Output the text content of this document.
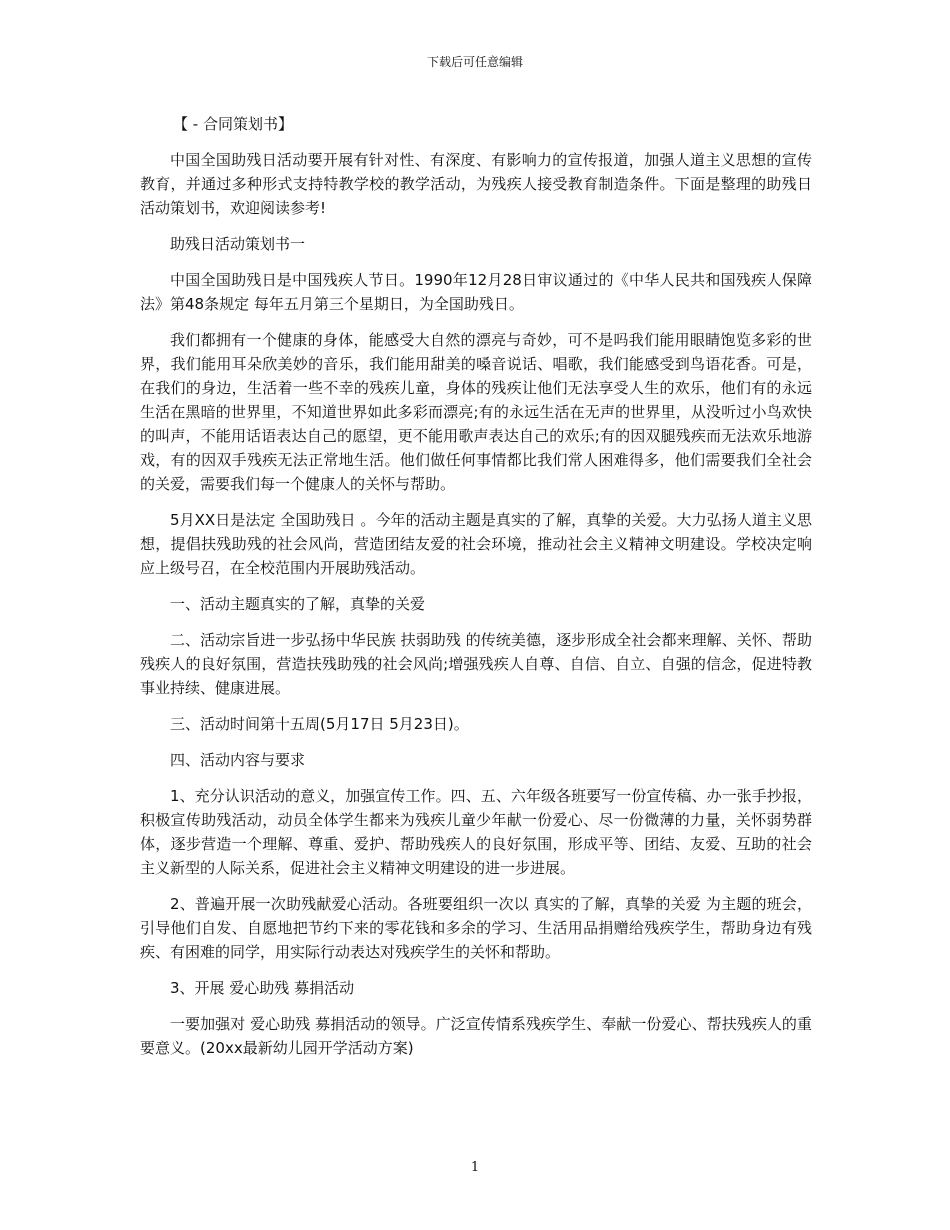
下载后可任意编辑

【 - 合同策划书】

中国全国助残日活动要开展有针对性、有深度、有影响力的宣传报道，加强人道主义思想的宣传教育，并通过多种形式支持特教学校的教学活动，为残疾人接受教育制造条件。下面是整理的助残日活动策划书，欢迎阅读参考!

助残日活动策划书一

中国全国助残日是中国残疾人节日。1990年12月28日审议通过的《中华人民共和国残疾人保障法》第48条规定 每年五月第三个星期日，为全国助残日。

我们都拥有一个健康的身体，能感受大自然的漂亮与奇妙，可不是吗我们能用眼睛饱览多彩的世界，我们能用耳朵欣美妙的音乐，我们能用甜美的嗓音说话、唱歌，我们能感受到鸟语花香。可是，在我们的身边，生活着一些不幸的残疾儿童，身体的残疾让他们无法享受人生的欢乐，他们有的永远生活在黑暗的世界里，不知道世界如此多彩而漂亮;有的永远生活在无声的世界里，从没听过小鸟欢快的叫声，不能用话语表达自己的愿望，更不能用歌声表达自己的欢乐;有的因双腿残疾而无法欢乐地游戏，有的因双手残疾无法正常地生活。他们做任何事情都比我们常人困难得多，他们需要我们全社会的关爱，需要我们每一个健康人的关怀与帮助。

5月XX日是法定 全国助残日 。今年的活动主题是真实的了解，真挚的关爱。大力弘扬人道主义思想，提倡扶残助残的社会风尚，营造团结友爱的社会环境，推动社会主义精神文明建设。学校决定响应上级号召，在全校范围内开展助残活动。

一、活动主题真实的了解，真挚的关爱

二、活动宗旨进一步弘扬中华民族 扶弱助残 的传统美德，逐步形成全社会都来理解、关怀、帮助残疾人的良好氛围，营造扶残助残的社会风尚;增强残疾人自尊、自信、自立、自强的信念，促进特教事业持续、健康进展。

三、活动时间第十五周(5月17日 5月23日)。

四、活动内容与要求

1、充分认识活动的意义，加强宣传工作。四、五、六年级各班要写一份宣传稿、办一张手抄报，积极宣传助残活动，动员全体学生都来为残疾儿童少年献一份爱心、尽一份微薄的力量，关怀弱势群体，逐步营造一个理解、尊重、爱护、帮助残疾人的良好氛围，形成平等、团结、友爱、互助的社会主义新型的人际关系，促进社会主义精神文明建设的进一步进展。

2、普遍开展一次助残献爱心活动。各班要组织一次以 真实的了解，真挚的关爱 为主题的班会，引导他们自发、自愿地把节约下来的零花钱和多余的学习、生活用品捐赠给残疾学生，帮助身边有残疾、有困难的同学，用实际行动表达对残疾学生的关怀和帮助。

3、开展 爱心助残 募捐活动

一要加强对 爱心助残 募捐活动的领导。广泛宣传情系残疾学生、奉献一份爱心、帮扶残疾人的重要意义。(20xx最新幼儿园开学活动方案)

1
